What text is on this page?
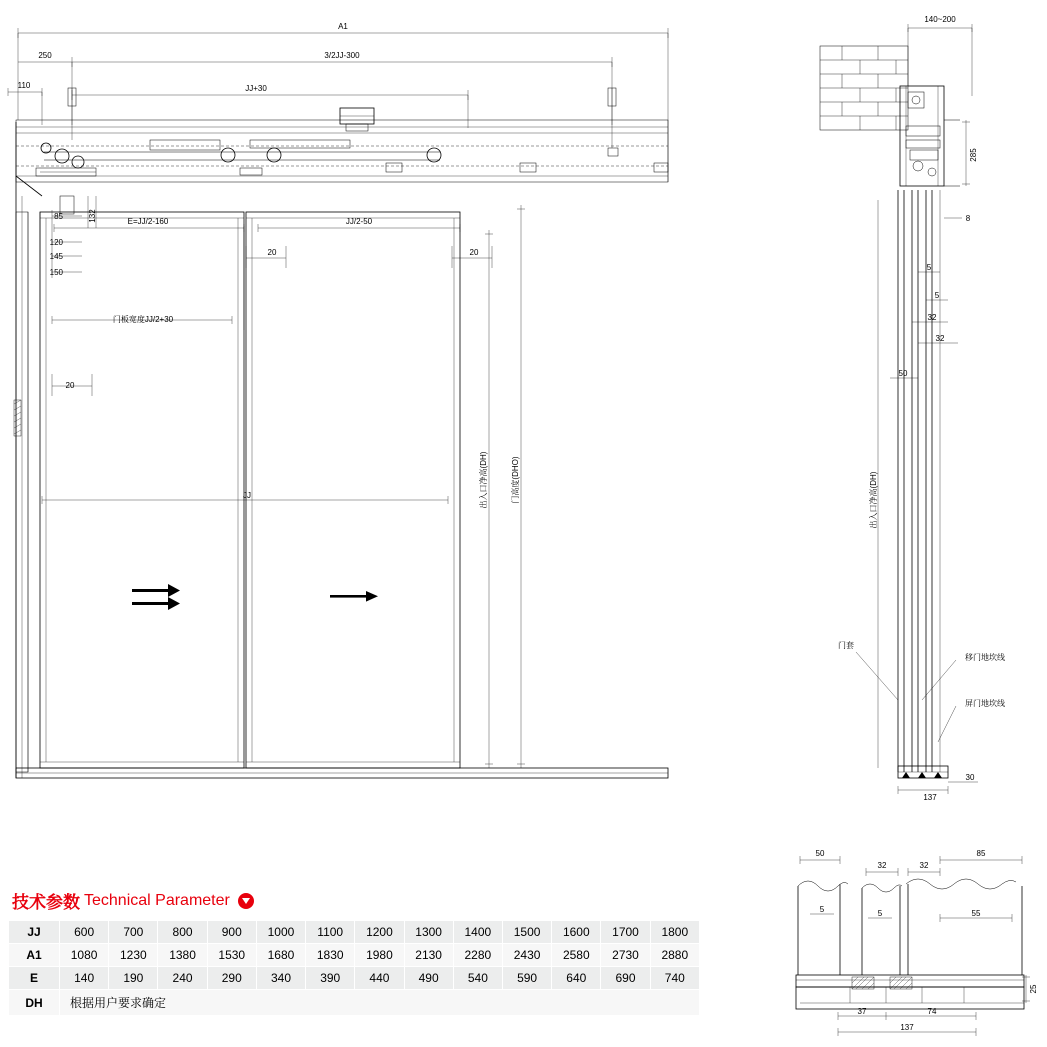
A1
250	3/2JJ-300
110	JJ+30
85	132	E=JJ/2-160	JJ/2-50
120
145
150
20	20
20
门板宽度JJ/2+30
JJ	出入口净高(DH)	门高度(DHO)
140~200
285
8
5
5
32
32
50
出入口净高(DH)
30
137
门套
移门地坎线
屏门地坎线
50
32	32
85
5	5	55
25
37	74
137
技术参数 Technical Parameter
JJ	600	700	800	900	1000	1100	1200	1300	1400	1500	1600	1700	1800
A1	1080	1230	1380	1530	1680	1830	1980	2130	2280	2430	2580	2730	2880
E	140	190	240	290	340	390	440	490	540	590	640	690	740
DH	根据用户要求确定												
